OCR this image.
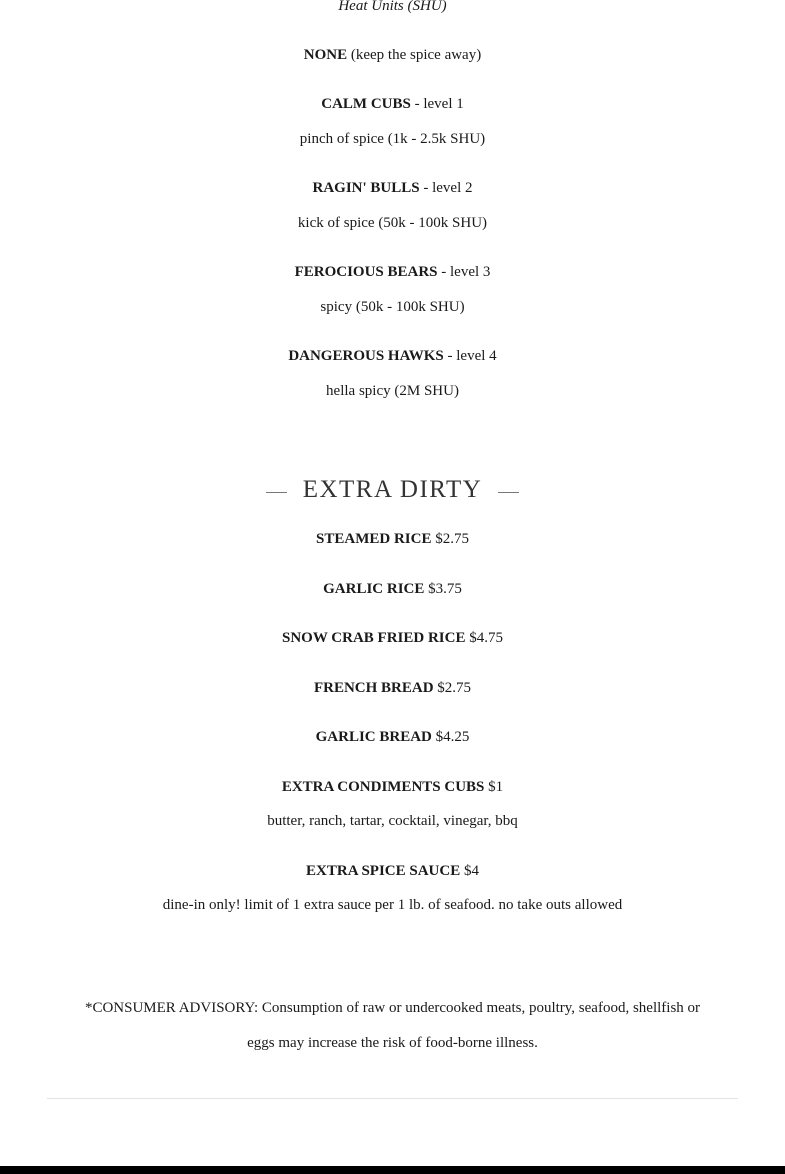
Heat Units (SHU)
NONE (keep the spice away)
CALM CUBS - level 1
pinch of spice (1k - 2.5k SHU)
RAGIN' BULLS - level 2
kick of spice (50k - 100k SHU)
FEROCIOUS BEARS - level 3
spicy (50k - 100k SHU)
DANGEROUS HAWKS - level 4
hella spicy (2M SHU)
EXTRA DIRTY
STEAMED RICE $2.75
GARLIC RICE $3.75
SNOW CRAB FRIED RICE $4.75
FRENCH BREAD $2.75
GARLIC BREAD $4.25
EXTRA CONDIMENTS CUBS $1
butter, ranch, tartar, cocktail, vinegar, bbq
EXTRA SPICE SAUCE $4
dine-in only! limit of 1 extra sauce per 1 lb. of seafood. no take outs allowed
*CONSUMER ADVISORY: Consumption of raw or undercooked meats, poultry, seafood, shellfish or
eggs may increase the risk of food-borne illness.
